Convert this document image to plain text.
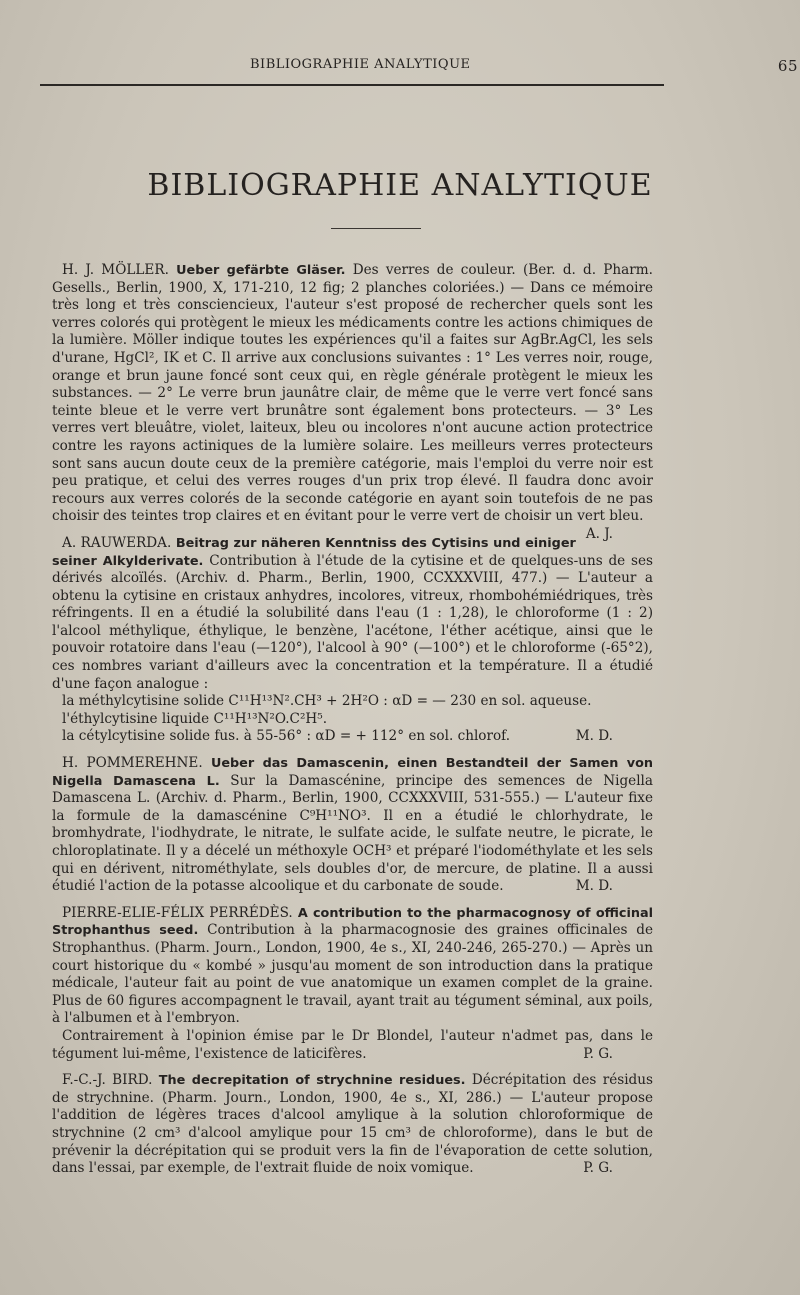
BIBLIOGRAPHIE ANALYTIQUE	65
BIBLIOGRAPHIE ANALYTIQUE

H. J. MÖLLER. Ueber gefärbte Gläser. Des verres de couleur. (Ber. d. d. Pharm. Gesells., Berlin, 1900, X, 171-210, 12 fig; 2 planches coloriées.) — Dans ce mémoire très long et très consciencieux, l'auteur s'est proposé de rechercher quels sont les verres colorés qui protègent le mieux les médicaments contre les actions chimiques de la lumière. Möller indique toutes les expériences qu'il a faites sur AgBr.AgCl, les sels d'urane, HgCl², IK et C. Il arrive aux conclusions suivantes : 1° Les verres noir, rouge, orange et brun jaune foncé sont ceux qui, en règle générale protègent le mieux les substances. — 2° Le verre brun jaunâtre clair, de même que le verre vert foncé sans teinte bleue et le verre vert brunâtre sont également bons protecteurs. — 3° Les verres vert bleuâtre, violet, laiteux, bleu ou incolores n'ont aucune action protectrice contre les rayons actiniques de la lumière solaire. Les meilleurs verres protecteurs sont sans aucun doute ceux de la première catégorie, mais l'emploi du verre noir est peu pratique, et celui des verres rouges d'un prix trop élevé. Il faudra donc avoir recours aux verres colorés de la seconde catégorie en ayant soin toutefois de ne pas choisir des teintes trop claires et en évitant pour le verre vert de choisir un vert bleu.
A. J.

A. RAUWERDA. Beitrag zur näheren Kenntniss des Cytisins und einiger seiner Alkylderivate. Contribution à l'étude de la cytisine et de quelques-uns de ses dérivés alcoïlés. (Archiv. d. Pharm., Berlin, 1900, CCXXXVIII, 477.) — L'auteur a obtenu la cytisine en cristaux anhydres, incolores, vitreux, rhombohémiédriques, très réfringents. Il en a étudié la solubilité dans l'eau (1 : 1,28), le chloroforme (1 : 2) l'alcool méthylique, éthylique, le benzène, l'acétone, l'éther acétique, ainsi que le pouvoir rotatoire dans l'eau (—120°), l'alcool à 90° (—100°) et le chloroforme (-65°2), ces nombres variant d'ailleurs avec la concentration et la température. Il a étudié d'une façon analogue :

la méthylcytisine solide C¹¹H¹³N².CH³ + 2H²O : αD = — 230 en sol. aqueuse.

l'éthylcytisine liquide C¹¹H¹³N²O.C²H⁵.

la cétylcytisine solide fus. à 55-56° : αD = + 112° en sol. chlorof.	M. D.

H. POMMEREHNE. Ueber das Damascenin, einen Bestandteil der Samen von Nigella Damascena L. Sur la Damascénine, principe des semences de Nigella Damascena L. (Archiv. d. Pharm., Berlin, 1900, CCXXXVIII, 531-555.) — L'auteur fixe la formule de la damascénine C⁹H¹¹NO³. Il en a étudié le chlorhydrate, le bromhydrate, l'iodhydrate, le nitrate, le sulfate acide, le sulfate neutre, le picrate, le chloroplatinate. Il y a décelé un méthoxyle OCH³ et préparé l'iodométhylate et les sels qui en dérivent, nitrométhylate, sels doubles d'or, de mercure, de platine. Il a aussi étudié l'action de la potasse alcoolique et du carbonate de soude.	M. D.

PIERRE-ELIE-FÉLIX PERRÉDÈS. A contribution to the pharmacognosy of officinal Strophanthus seed. Contribution à la pharmacognosie des graines officinales de Strophanthus. (Pharm. Journ., London, 1900, 4e s., XI, 240-246, 265-270.) — Après un court historique du « kombé » jusqu'au moment de son introduction dans la pratique médicale, l'auteur fait au point de vue anatomique un examen complet de la graine. Plus de 60 figures accompagnent le travail, ayant trait au tégument séminal, aux poils, à l'albumen et à l'embryon.

Contrairement à l'opinion émise par le Dr Blondel, l'auteur n'admet pas, dans le tégument lui-même, l'existence de laticifères.	P. G.

F.-C.-J. BIRD. The decrepitation of strychnine residues. Décrépitation des résidus de strychnine. (Pharm. Journ., London, 1900, 4e s., XI, 286.) — L'auteur propose l'addition de légères traces d'alcool amylique à la solution chloroformique de strychnine (2 cm³ d'alcool amylique pour 15 cm³ de chloroforme), dans le but de prévenir la décrépitation qui se produit vers la fin de l'évaporation de cette solution, dans l'essai, par exemple, de l'extrait fluide de noix vomique.	P. G.
